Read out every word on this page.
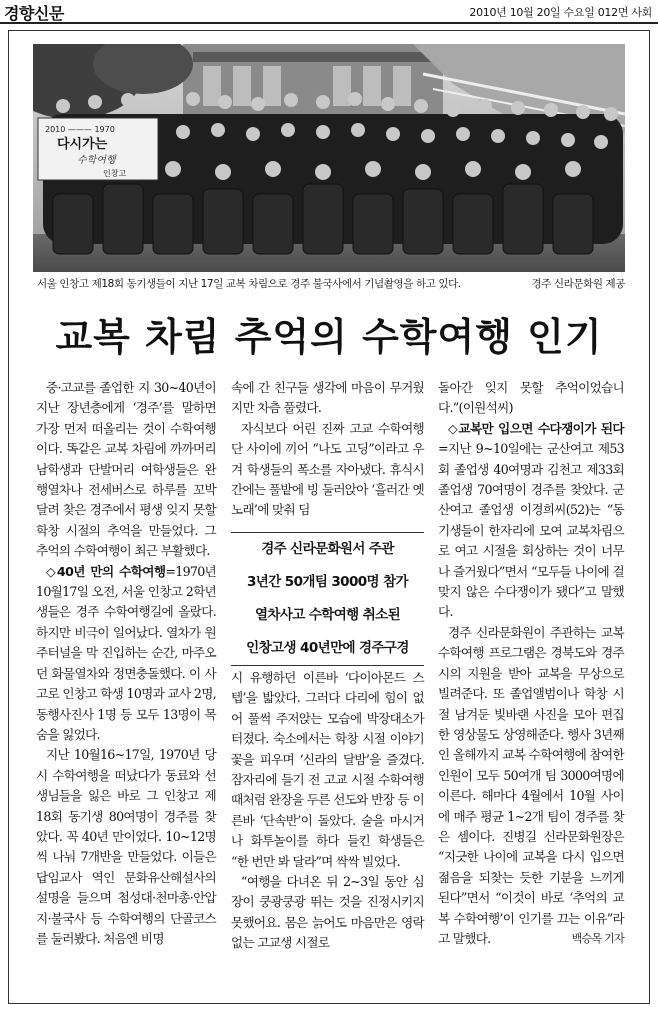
경향신문	2010년 10월 20일 수요일 012면 사회
2010 ——— 1970
다시가는
수학여행
인창고
서울 인창고 제18회 동기생들이 지난 17일 교복 차림으로 경주 불국사에서 기념촬영을 하고 있다.	경주 신라문화원 제공
교복 차림 추억의 수학여행 인기

중·고교를 졸업한 지 30~40년이 지난 장년층에게 ‘경주’를 말하면 가장 먼저 떠올리는 것이 수학여행이다. 똑같은 교복 차림에 까까머리 남학생과 단발머리 여학생들은 완행열차나 전세버스로 하루를 꼬박 달려 찾은 경주에서 평생 잊지 못할 학창 시절의 추억을 만들었다. 그 추억의 수학여행이 최근 부활했다.

◇40년 만의 수학여행=1970년 10월17일 오전, 서울 인창고 2학년생들은 경주 수학여행길에 올랐다. 하지만 비극이 일어났다. 열차가 원주터널을 막 진입하는 순간, 마주오던 화물열차와 정면충돌했다. 이 사고로 인창고 학생 10명과 교사 2명, 동행사진사 1명 등 모두 13명이 목숨을 잃었다.

지난 10월16~17일, 1970년 당시 수학여행을 떠났다가 동료와 선생님들을 잃은 바로 그 인창고 제18회 동기생 80여명이 경주를 찾았다. 꼭 40년 만이었다. 10~12명씩 나눠 7개반을 만들었다. 이들은 답임교사 역인 문화유산해설사의 설명을 들으며 첨성대·천마총·안압지·불국사 등 수학여행의 단골코스를 둘러봤다. 처음엔 비명

속에 간 친구들 생각에 마음이 무거웠지만 차츰 풀렸다.

자식보다 어린 진짜 고교 수학여행단 사이에 끼어 “나도 고딩”이라고 우겨 학생들의 폭소를 자아냈다. 휴식시간에는 풀밭에 빙 둘러앉아 ‘흘러간 옛 노래’에 맞춰 딤

경주 신라문화원서 주관
3년간 50개팀 3000명 참가
열차사고 수학여행 취소된
인창고생 40년만에 경주구경

시 유행하던 이른바 ‘다이아몬드 스텝’을 밟았다. 그러다 다리에 힘이 없어 풀썩 주저앉는 모습에 박장대소가 터졌다. 숙소에서는 학창 시절 이야기꽃을 피우며 ‘신라의 달밤’을 즐겼다. 잠자리에 들기 전 고교 시절 수학여행 때처럼 완장을 두른 선도와 반장 등 이른바 ‘단속반’이 돌았다. 술을 마시거나 화투놀이를 하다 들킨 학생들은 “한 번만 봐 달라”며 싹싹 빌었다.

“여행을 다녀온 뒤 2~3일 동안 심장이 쿵광쿵광 뛰는 것을 진정시키지 못했어요. 몸은 늙어도 마음만은 영락없는 고교생 시절로

돌아간 잊지 못할 추억이었습니다.”(이원석씨)

◇교복만 입으면 수다쟁이가 된다=지난 9~10일에는 군산여고 제53회 졸업생 40여명과 김천고 제33회 졸업생 70여명이 경주를 찾았다. 군산여고 졸업생 이경희씨(52)는 “동기생들이 한자리에 모여 교복차림으로 여고 시절을 회상하는 것이 너무나 즐거웠다”면서 “모두들 나이에 걸맞지 않은 수다쟁이가 됐다”고 말했다.

경주 신라문화원이 주관하는 교복 수학여행 프로그램은 경북도와 경주시의 지원을 받아 교복을 무상으로 빌려준다. 또 졸업앨범이나 학창 시절 남겨둔 빛바랜 사진을 모아 편집한 영상물도 상영해준다. 행사 3년째인 올해까지 교복 수학여행에 참여한 인원이 모두 50여개 팀 3000여명에 이른다. 해마다 4월에서 10월 사이에 매주 평균 1~2개 팀이 경주를 찾은 셈이다. 진병길 신라문화원장은 “지긋한 나이에 교복을 다시 입으면 젊음을 되찾는 듯한 기분을 느끼게 된다”면서 “이것이 바로 ‘추억의 교복 수학여행’이 인기를 끄는 이유”라고 말했다.	백승목 기자
